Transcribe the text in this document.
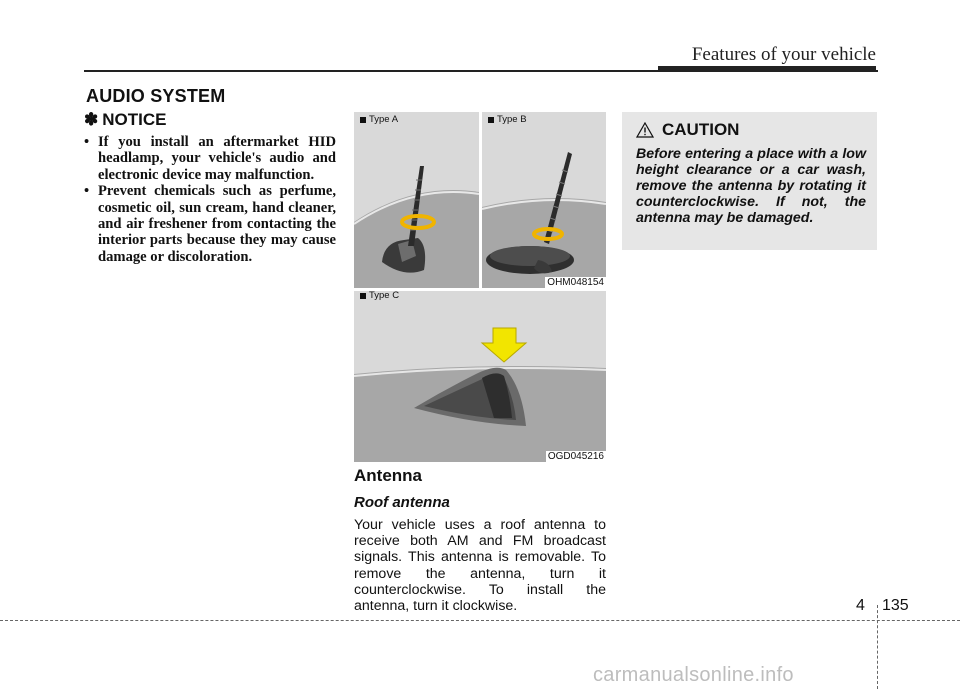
Features of your vehicle
AUDIO SYSTEM
✽ NOTICE
• If you install an aftermarket HID headlamp, your vehicle's audio and electronic device may malfunction.
• Prevent chemicals such as perfume, cosmetic oil, sun cream, hand cleaner, and air freshener from contacting the interior parts because they may cause damage or discoloration.
Type A	Type B
OHM048154
Type C
OGD045216
Antenna
Roof antenna

Your vehicle uses a roof antenna to receive both AM and FM broadcast signals. This antenna is removable. To remove the antenna, turn it counterclockwise. To install the antenna, turn it clockwise.

CAUTION
Before entering a place with a low height clearance or a car wash, remove the antenna by rotating it counterclockwise. If not, the antenna may be damaged.
4 135
carmanualsonline.info
